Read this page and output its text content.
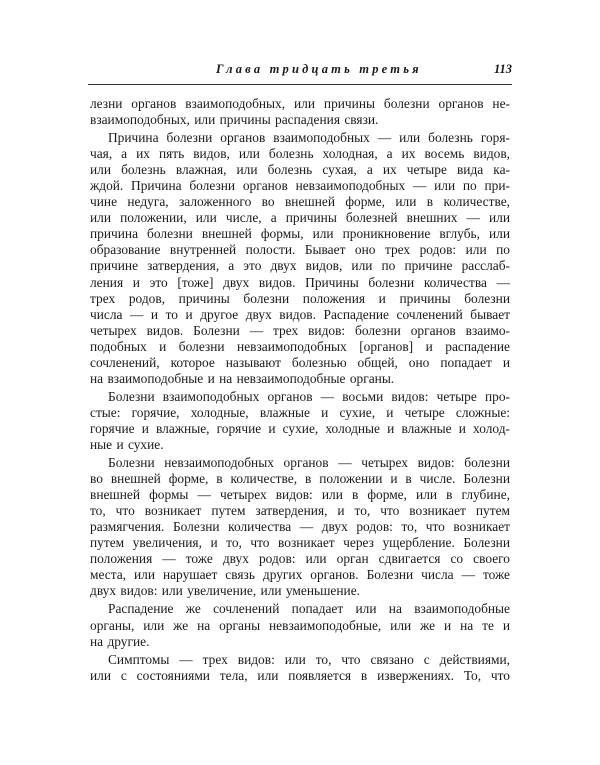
Глава тридцать третья	113
лезни органов взаимоподобных, или причины болезни органов не-
взаимоподобных, или причины распадения связи.
Причина болезни органов взаимоподобных — или болезнь горя-
чая, а их пять видов, или болезнь холодная, а их восемь видов,
или болезнь влажная, или болезнь сухая, а их четыре вида ка-
ждой. Причина болезни органов невзаимоподобных — или по при-
чине недуга, заложенного во внешней форме, или в количестве,
или положении, или числе, а причины болезней внешних — или
причина болезни внешней формы, или проникновение вглубь, или
образование внутренней полости. Бывает оно трех родов: или по
причине затвердения, а это двух видов, или по причине расслаб-
ления и это [тоже] двух видов. Причины болезни количества —
трех родов, причины болезни положения и причины болезни
числа — и то и другое двух видов. Распадение сочленений бывает
четырех видов. Болезни — трех видов: болезни органов взаимо-
подобных и болезни невзаимоподобных [органов] и распадение
сочленений, которое называют болезнью общей, оно попадает и
на взаимоподобные и на невзаимоподобные органы.
Болезни взаимоподобных органов — восьми видов: четыре про-
стые: горячие, холодные, влажные и сухие, и четыре сложные:
горячие и влажные, горячие и сухие, холодные и влажные и холод-
ные и сухие.
Болезни невзаимоподобных органов — четырех видов: болезни
во внешней форме, в количестве, в положении и в числе. Болезни
внешней формы — четырех видов: или в форме, или в глубине,
то, что возникает путем затвердения, и то, что возникает путем
размягчения. Болезни количества — двух родов: то, что возникает
путем увеличения, и то, что возникает через ущербление. Болезни
положения — тоже двух родов: или орган сдвигается со своего
места, или нарушает связь других органов. Болезни числа — тоже
двух видов: или увеличение, или уменьшение.
Распадение же сочленений попадает или на взаимоподобные
органы, или же на органы невзаимоподобные, или же и на те и
на другие.
Симптомы — трех видов: или то, что связано с действиями,
или с состояниями тела, или появляется в извержениях. То, что
